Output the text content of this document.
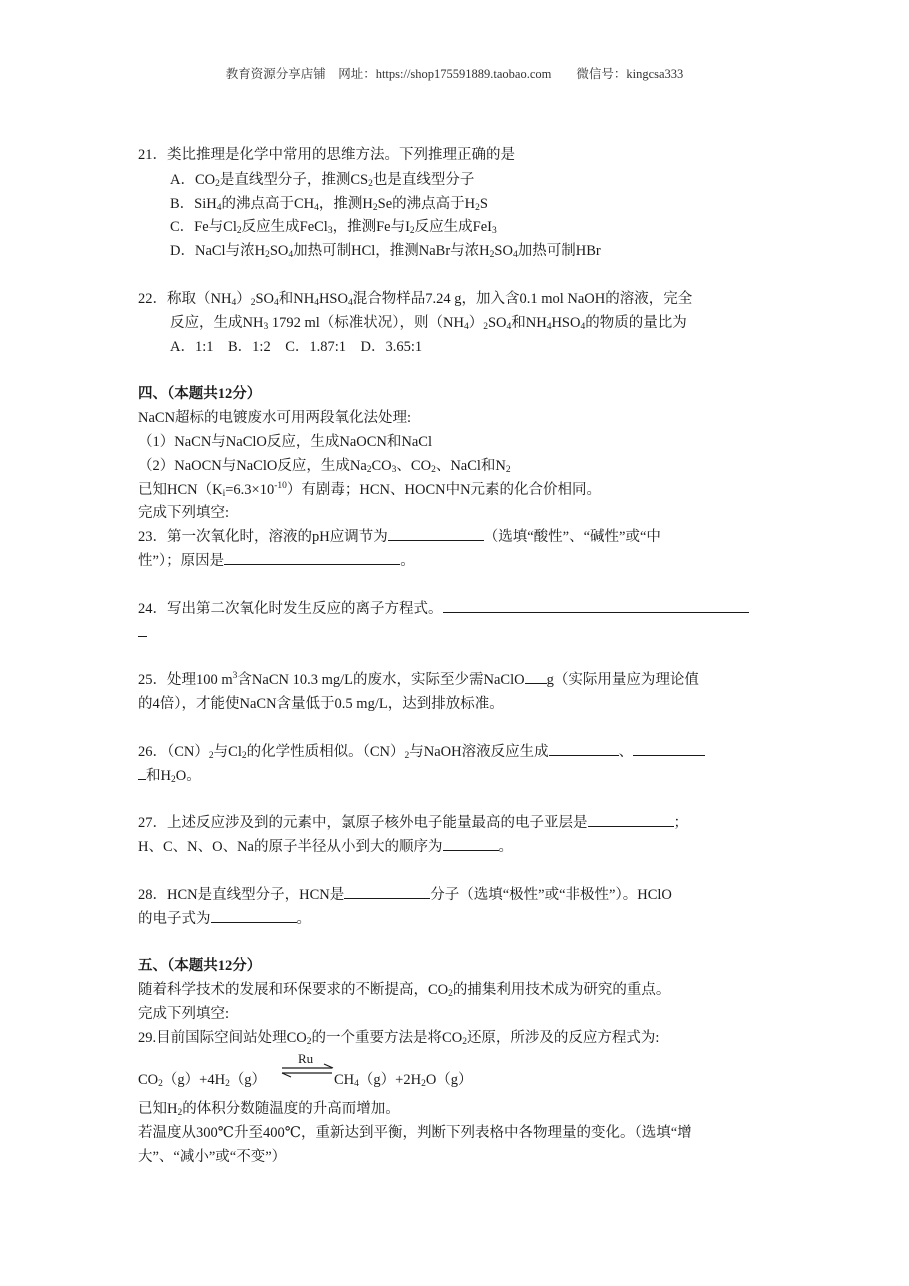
教育资源分享店铺　网址：https://shop175591889.taobao.com　　微信号：kingcsa333
21．类比推理是化学中常用的思维方法。下列推理正确的是
A．$CO_2$是直线型分子，推测$CS_2$也是直线型分子
B．SiH$_4$的沸点高于$CH_4$，推测$H_2Se$的沸点高于$H_2S$
C．Fe与$Cl_2$反应生成FeCl$_3$，推测Fe与$I_2$反应生成FeI$_3$
D．NaCl与浓$H_2SO_4$加热可制HCl，推测NaBr与浓$H_2SO_4$加热可制HBr
22．称取$(NH_4)_2SO_4$和$NH_4HSO_4$混合物样品7.24 g，加入含0.1 mol NaOH的溶液，完全
反应，生成$NH_3$ 1792 ml（标准状况），则$(NH_4)_2SO_4$和$NH_4HSO_4$的物质的量比为
A．1:1　B．1:2　C．1.87:1　D．3.65:1
四、（本题共12分）
NaCN超标的电镀废水可用两段氧化法处理:
（1）NaCN与NaClO反应，生成NaOCN和NaCl
（2）NaOCN与NaClO反应，生成$Na_2CO_3$、$CO_2$、NaCl和$N_2$
已知$HCN(K_i=6.3\times 10^{-10})$有剧毒；HCN、HOCN中N元素的化合价相同。
完成下列填空:
23．第一次氧化时，溶液的pH应调节为	（选填“酸性”、“碱性”或“中
性”）；原因是	。
24．写出第二次氧化时发生反应的离子方程式。
25．处理100 $m^3$含NaCN 10.3 mg/L的废水，实际至少需NaClO g（实际用量应为理论值
的4倍），才能使NaCN含量低于0.5 mg/L，达到排放标准。
26．$(CN)_2$与$Cl_2$的化学性质相似。$(CN)_2$与NaOH溶液反应生成	、
和$H_2O$。
27．上述反应涉及到的元素中，氯原子核外电子能量最高的电子亚层是	；
H、C、N、O、Na的原子半径从小到大的顺序为	。
28．HCN是直线型分子，HCN是	分子（选填“极性”或“非极性”）。HClO
的电子式为	。
五、（本题共12分）
随着科学技术的发展和环保要求的不断提高，$CO_2$的捕集利用技术成为研究的重点。
完成下列填空:
29.目前国际空间站处理$CO_2$的一个重要方法是将$CO_2$还原，所涉及的反应方程式为:
$CO_2(g)+4H_2(g)$
Ru
$CH_4(g)+2H_2O(g)$
已知$H_2$的体积分数随温度的升高而增加。
若温度从300℃升至400℃，重新达到平衡，判断下列表格中各物理量的变化。（选填“增
大”、“减小”或“不变”）
